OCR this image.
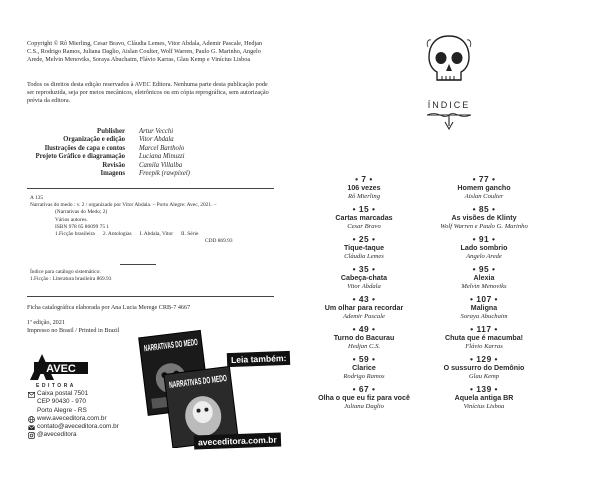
Copyright © Rô Mierling, Cesar Bravo, Cláudia Lemes, Vitor Abdala, Ademir Pascale, Hedjan C.S., Rodrigo Ramos, Juliana Daglio, Aislan Coulter, Wolf Warren, Paulo G. Marinho, Angelo Arede, Melvin Menoviks, Soraya Abuchaim, Flávio Karras, Glau Kemp e Vinícius Lisboa

Todos os direitos desta edição reservados à AVEC Editora. Nenhuma parte desta publicação pode ser reproduzida, seja por meios mecânicos, eletrônicos ou em cópia reprográfica, sem autorização prévia da editora.

Publisher	Artur Vecchi
Organização e edição	Vitor Abdala
Ilustrações de capa e contos	Marcel Bartholo
Projeto Gráfico e diagramação	Luciana Minuzzi
Revisão	Camila Villalba
Imagens	Freepik (rawpixel)
A 135
Narrativas do medo : v. 2 / organizado por Vitor Abdala. – Porto Alegre: Avec, 2021. –
(Narrativas do Medo; 2)
Vários autores.
ISBN 978 65 86099 75 1
1.Ficção brasileira 2. Antologias I. Abdala, Vitor II. Série
CDD 869.93
Índice para catálogo sistemático:
1.Ficção : Literatura brasileira 869.93
Ficha catalográfica elaborada por Ana Lucia Merege CRB-7 4667
1ª edição, 2021
Impresso no Brasil / Printed in Brazil
AVEC
EDITORA
Caixa postal 7501
CEP 90430 - 970
Porto Alegre - RS
www.aveceditora.com.br
contato@aveceditora.com.br
@aveceditora
NARRATIVAS DO MEDO
NARRATIVAS DO MEDO
Leia também:
aveceditora.com.br
ÍNDICE
• 7 •
106 vezes
Rô Mierling
• 15 •
Cartas marcadas
Cesar Bravo
• 25 •
Tique-taque
Cláudia Lemes
• 35 •
Cabeça-chata
Vitor Abdala
• 43 •
Um olhar para recordar
Ademir Pascale
• 49 •
Turno do Bacurau
Hedjan C.S.
• 59 •
Clarice
Rodrigo Ramos
• 67 •
Olha o que eu fiz para você
Juliana Daglio
• 77 •
Homem gancho
Aislan Coulter
• 85 •
As visões de Klinty
Wolf Warren e Paulo G. Marinho
• 91 •
Lado sombrio
Angelo Arede
• 95 •
Alexia
Melvin Menoviks
• 107 •
Maligna
Soraya Abuchaim
• 117 •
Chuta que é macumba!
Flávio Karras
• 129 •
O sussurro do Demônio
Glau Kemp
• 139 •
Aquela antiga BR
Vinícius Lisboa
